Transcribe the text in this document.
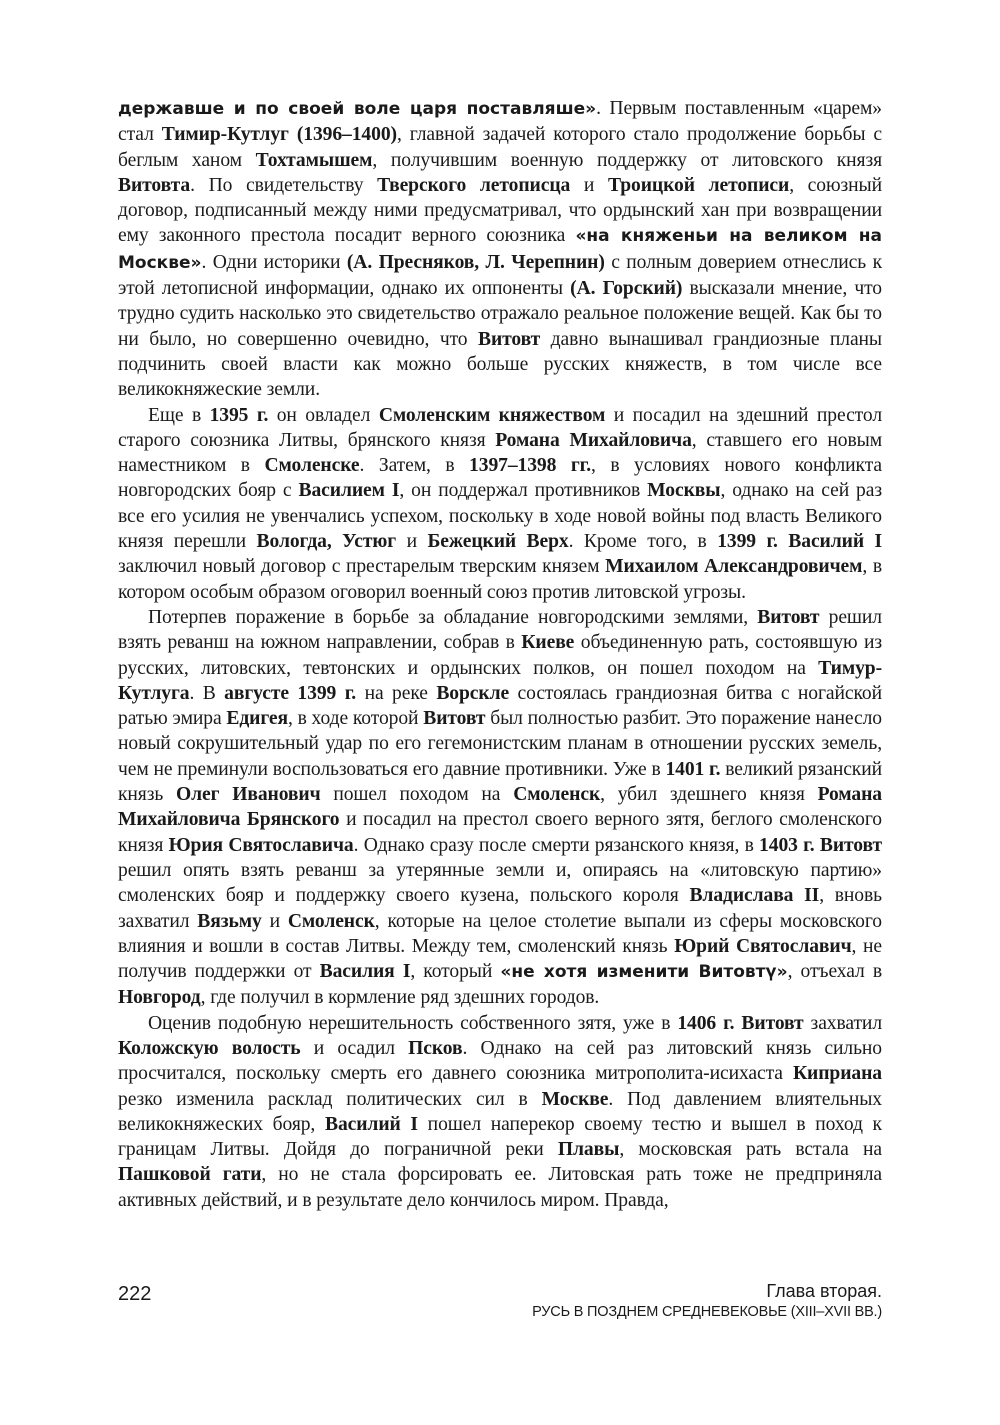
державше и по своей воле царя поставляше». Первым поставленным «царем» стал Тимир-Кутлуг (1396–1400), главной задачей которого стало продолжение борьбы с беглым ханом Тохтамышем, получившим военную поддержку от литовского князя Витовта. По свидетельству Тверского летописца и Троицкой летописи, союзный договор, подписанный между ними предусматривал, что ордынский хан при возвращении ему законного престола посадит верного союзника «на княженьи на великом на Москве». Одни историки (А. Пресняков, Л. Черепнин) с полным доверием отнеслись к этой летописной информации, однако их оппоненты (А. Горский) высказали мнение, что трудно судить насколько это свидетельство отражало реальное положение вещей. Как бы то ни было, но совершенно очевидно, что Витовт давно вынашивал грандиозные планы подчинить своей власти как можно больше русских княжеств, в том числе все великокняжеские земли.

Еще в 1395 г. он овладел Смоленским княжеством и посадил на здешний престол старого союзника Литвы, брянского князя Романа Михайловича, ставшего его новым наместником в Смоленске. Затем, в 1397–1398 гг., в условиях нового конфликта новгородских бояр с Василием I, он поддержал противников Москвы, однако на сей раз все его усилия не увенчались успехом, поскольку в ходе новой войны под власть Великого князя перешли Вологда, Устюг и Бежецкий Верх. Кроме того, в 1399 г. Василий I заключил новый договор с престарелым тверским князем Михаилом Александровичем, в котором особым образом оговорил военный союз против литовской угрозы.

Потерпев поражение в борьбе за обладание новгородскими землями, Витовт решил взять реванш на южном направлении, собрав в Киеве объединенную рать, состоявшую из русских, литовских, тевтонских и ордынских полков, он пошел походом на Тимур-Кутлуга. В августе 1399 г. на реке Ворскле состоялась грандиозная битва с ногайской ратью эмира Едигея, в ходе которой Витовт был полностью разбит. Это поражение нанесло новый сокрушительный удар по его гегемонистским планам в отношении русских земель, чем не преминули воспользоваться его давние противники. Уже в 1401 г. великий рязанский князь Олег Иванович пошел походом на Смоленск, убил здешнего князя Романа Михайловича Брянского и посадил на престол своего верного зятя, беглого смоленского князя Юрия Святославича. Однако сразу после смерти рязанского князя, в 1403 г. Витовт решил опять взять реванш за утерянные земли и, опираясь на «литовскую партию» смоленских бояр и поддержку своего кузена, польского короля Владислава II, вновь захватил Вязьму и Смоленск, которые на целое столетие выпали из сферы московского влияния и вошли в состав Литвы. Между тем, смоленский князь Юрий Святославич, не получив поддержки от Василия I, который «не хотя изменити Витовтү», отъехал в Новгород, где получил в кормление ряд здешних городов.

Оценив подобную нерешительность собственного зятя, уже в 1406 г. Витовт захватил Коложскую волость и осадил Псков. Однако на сей раз литовский князь сильно просчитался, поскольку смерть его давнего союзника митрополита-исихаста Киприана резко изменила расклад политических сил в Москве. Под давлением влиятельных великокняжеских бояр, Василий I пошел наперекор своему тестю и вышел в поход к границам Литвы. Дойдя до пограничной реки Плавы, московская рать встала на Пашковой гати, но не стала форсировать ее. Литовская рать тоже не предприняла активных действий, и в результате дело кончилось миром. Правда,

222	Глава вторая.
РУСЬ В ПОЗДНЕМ СРЕДНЕВЕКОВЬЕ (XIII–XVII ВВ.)
